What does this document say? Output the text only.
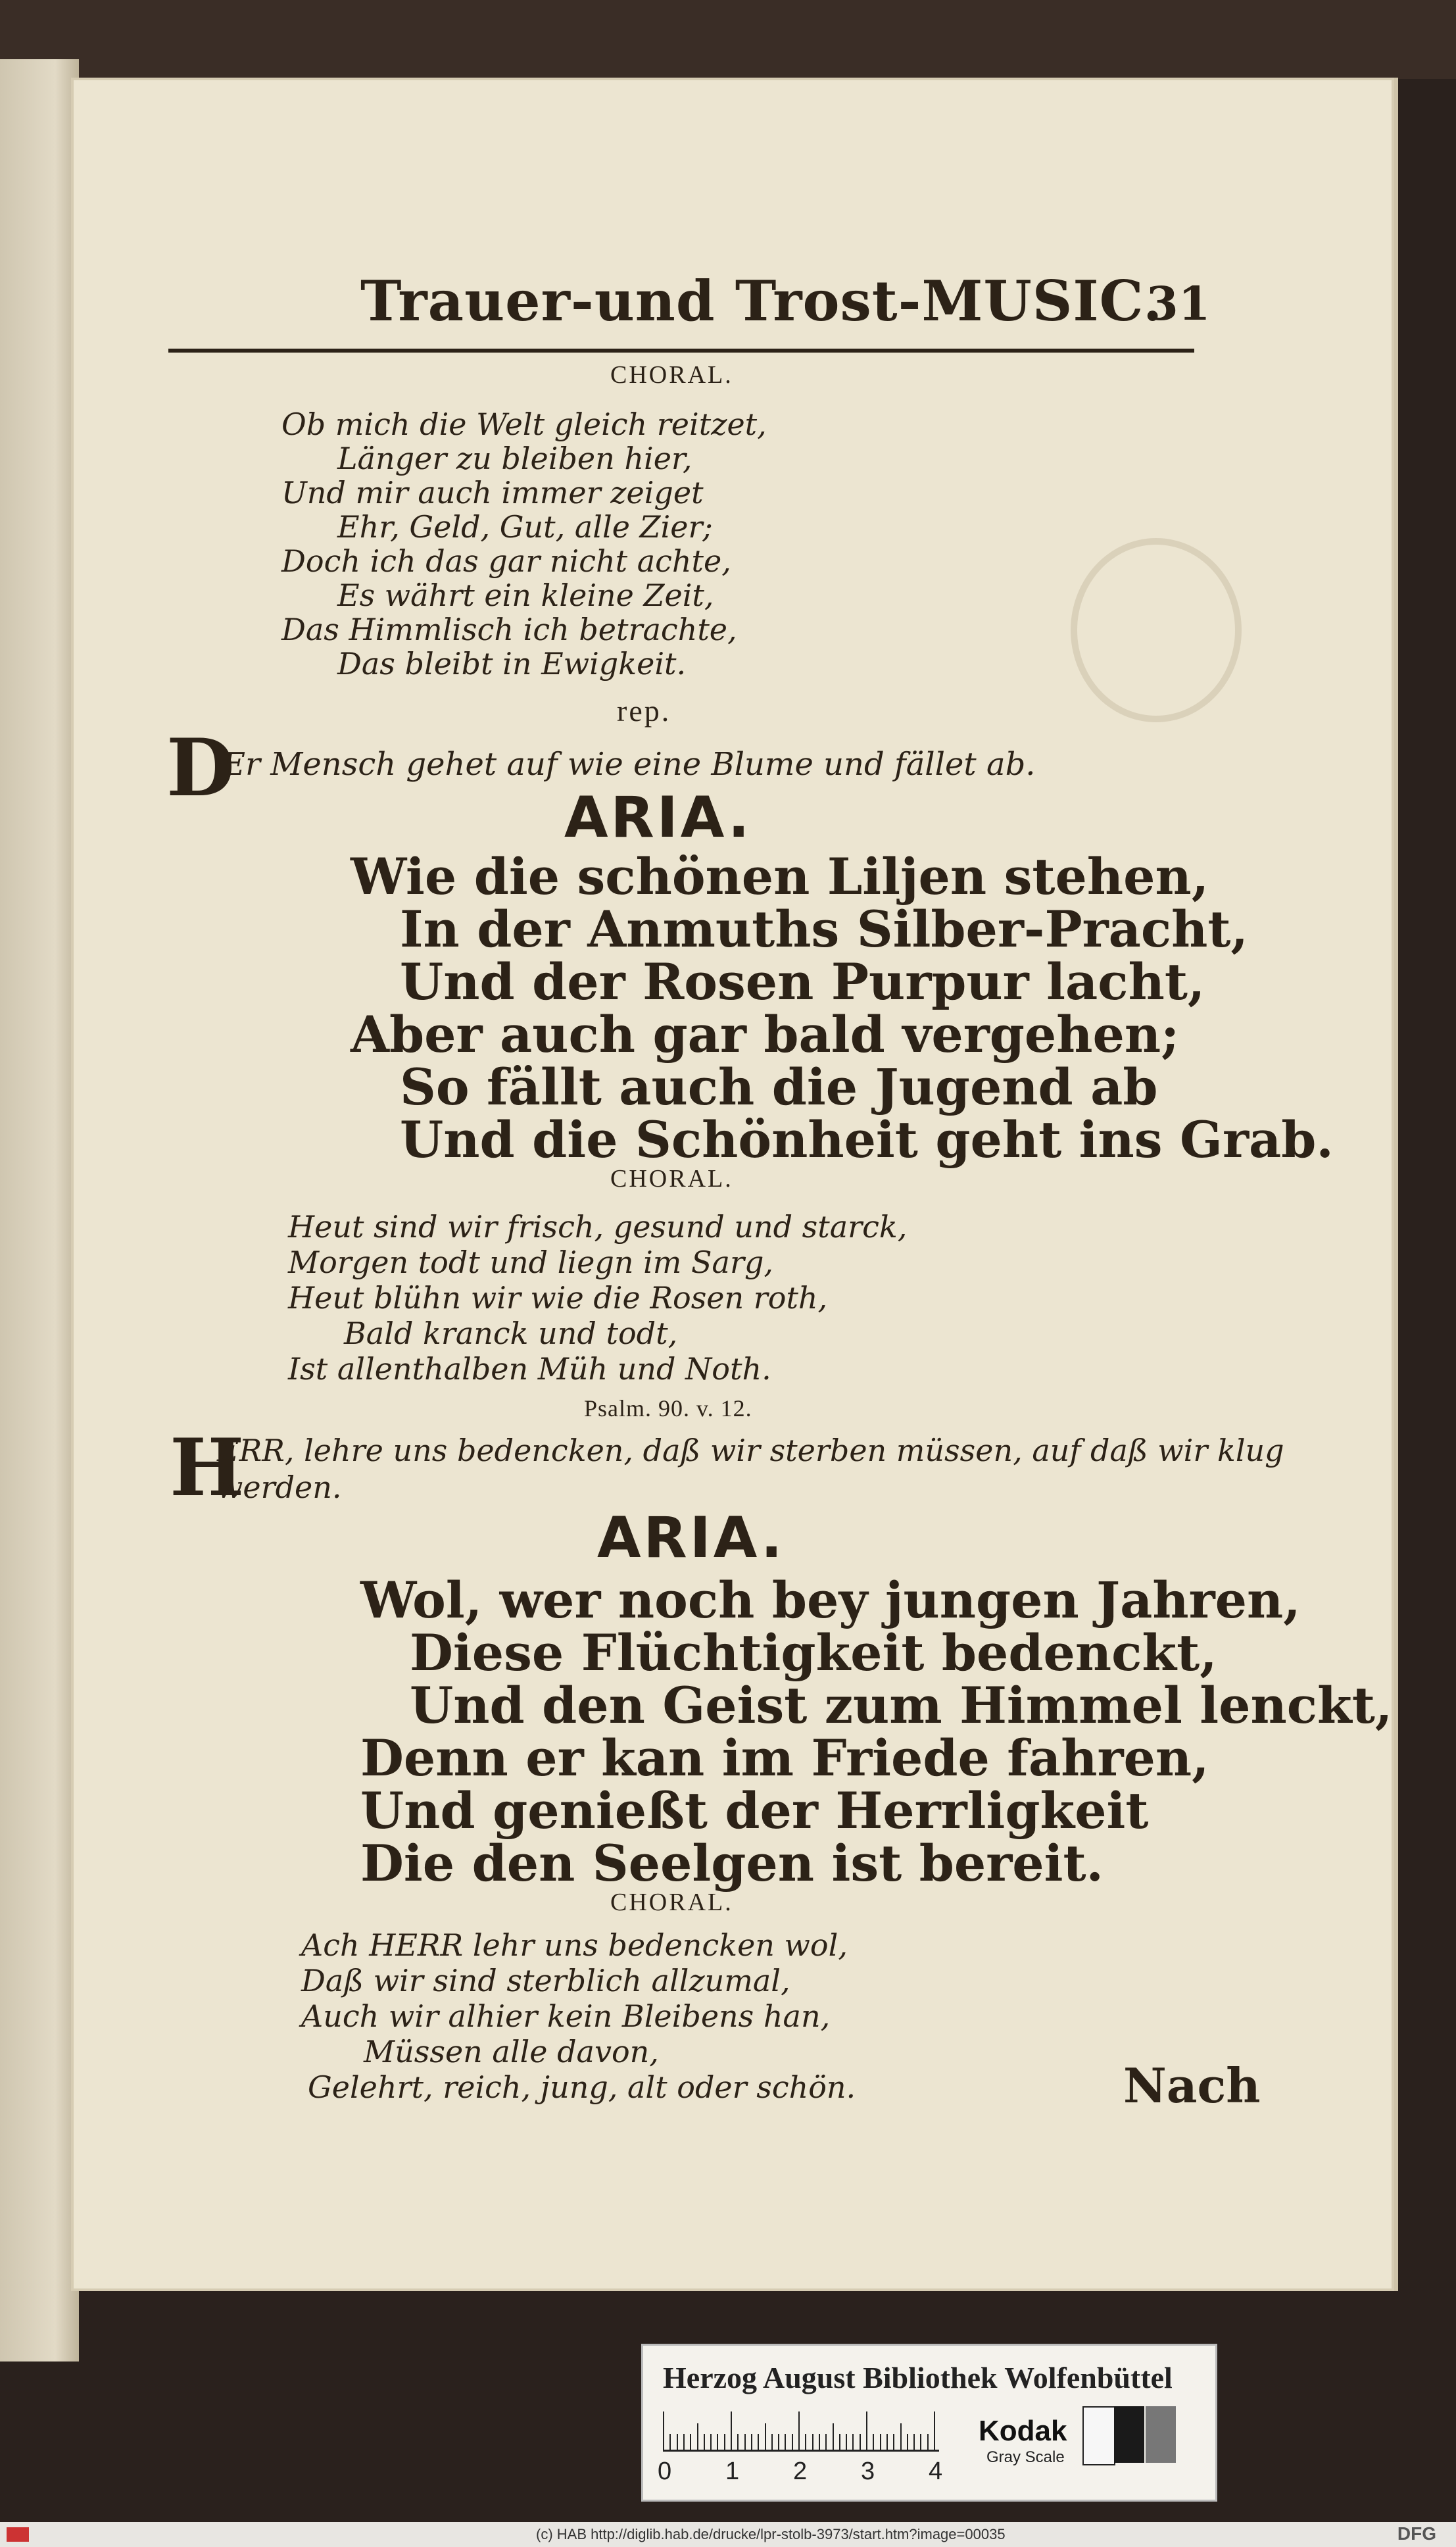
Trauer-und Trost-MUSIC.
31
CHORAL.
Ob mich die Welt gleich reitzet,
Länger zu bleiben hier,
Und mir auch immer zeiget
Ehr, Geld, Gut, alle Zier;
Doch ich das gar nicht achte,
Es währt ein kleine Zeit,
Das Himmlisch ich betrachte,
Das bleibt in Ewigkeit.
rep.
D
Er Mensch gehet auf wie eine Blume und fället ab.
ARIA.
Wie die schönen Liljen stehen,
In der Anmuths Silber-Pracht,
Und der Rosen Purpur lacht,
Aber auch gar bald vergehen;
So fällt auch die Jugend ab
Und die Schönheit geht ins Grab.
CHORAL.
Heut sind wir frisch, gesund und starck,
Morgen todt und liegn im Sarg,
Heut blühn wir wie die Rosen roth,
Bald kranck und todt,
Ist allenthalben Müh und Noth.
Psalm. 90. v. 12.
H
ERR, lehre uns bedencken, daß wir sterben müssen, auf daß wir klug
werden.
ARIA.
Wol, wer noch bey jungen Jahren,
Diese Flüchtigkeit bedenckt,
Und den Geist zum Himmel lenckt,
Denn er kan im Friede fahren,
Und genießt der Herrligkeit
Die den Seelgen ist bereit.
CHORAL.
Ach HERR lehr uns bedencken wol,
Daß wir sind sterblich allzumal,
Auch wir alhier kein Bleibens han,
Müssen alle davon,
Gelehrt, reich, jung, alt oder schön.	Nach
Herzog August Bibliothek Wolfenbüttel
0 1 2 3 4
Kodak
Gray Scale
(c) HAB http://diglib.hab.de/drucke/lpr-stolb-3973/start.htm?image=00035	DFG
